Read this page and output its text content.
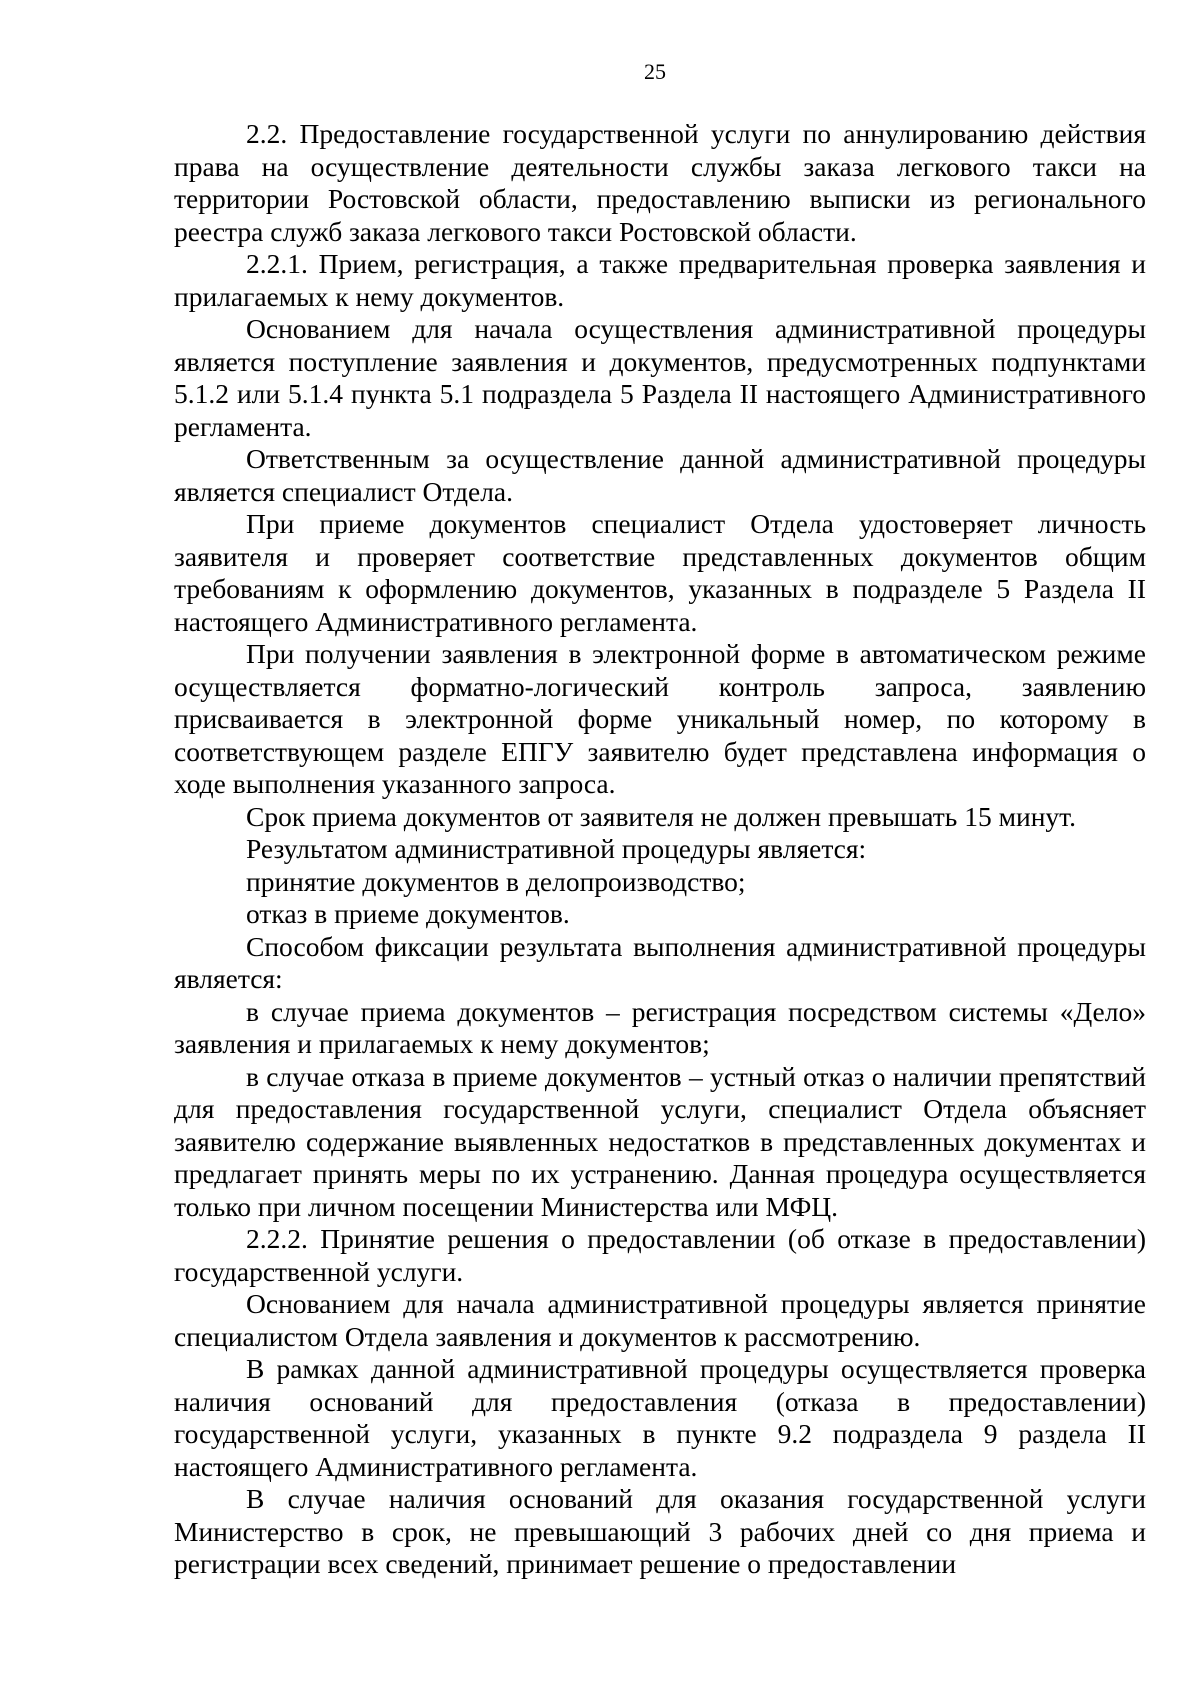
25

2.2. Предоставление государственной услуги по аннулированию действия права на осуществление деятельности службы заказа легкового такси на территории Ростовской области, предоставлению выписки из регионального реестра служб заказа легкового такси Ростовской области.

2.2.1. Прием, регистрация, а также предварительная проверка заявления и прилагаемых к нему документов.

Основанием для начала осуществления административной процедуры является поступление заявления и документов, предусмотренных подпунктами 5.1.2 или 5.1.4 пункта 5.1 подраздела 5 Раздела II настоящего Административного регламента.

Ответственным за осуществление данной административной процедуры является специалист Отдела.

При приеме документов специалист Отдела удостоверяет личность заявителя и проверяет соответствие представленных документов общим требованиям к оформлению документов, указанных в подразделе 5 Раздела II настоящего Административного регламента.

При получении заявления в электронной форме в автоматическом режиме осуществляется форматно-логический контроль запроса, заявлению присваивается в электронной форме уникальный номер, по которому в соответствующем разделе ЕПГУ заявителю будет представлена информация о ходе выполнения указанного запроса.

Срок приема документов от заявителя не должен превышать 15 минут.

Результатом административной процедуры является:

принятие документов в делопроизводство;

отказ в приеме документов.

Способом фиксации результата выполнения административной процедуры является:

в случае приема документов – регистрация посредством системы «Дело» заявления и прилагаемых к нему документов;

в случае отказа в приеме документов – устный отказ о наличии препятствий для предоставления государственной услуги, специалист Отдела объясняет заявителю содержание выявленных недостатков в представленных документах и предлагает принять меры по их устранению. Данная процедура осуществляется только при личном посещении Министерства или МФЦ.

2.2.2. Принятие решения о предоставлении (об отказе в предоставлении) государственной услуги.

Основанием для начала административной процедуры является принятие специалистом Отдела заявления и документов к рассмотрению.

В рамках данной административной процедуры осуществляется проверка наличия оснований для предоставления (отказа в предоставлении) государственной услуги, указанных в пункте 9.2 подраздела 9 раздела II настоящего Административного регламента.

В случае наличия оснований для оказания государственной услуги Министерство в срок, не превышающий 3 рабочих дней со дня приема и регистрации всех сведений, принимает решение о предоставлении
